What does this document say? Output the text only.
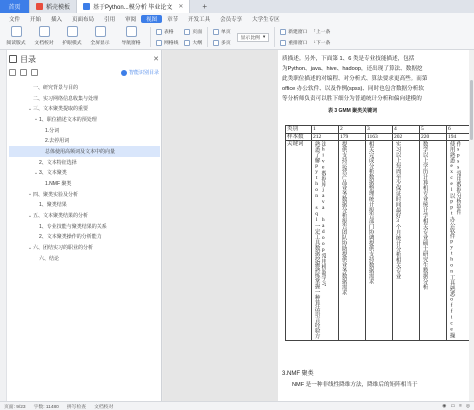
首页	稻壳模板	基于Python...模分析 毕业论文 ✕	+
文件	开始	插入	页面布局	引用	审阅	视图	章节	开发工具	会员专享	大学生专区
阅读版式 文档校对 护眼模式 全屏显示 导航窗格
表格
网格线
页面
大纲
单页
多页
显示比例 ▾
新建窗口
重排窗口
↑ 上一条
↓ 下一条
目录	✕
智能识别目录
一、研究背景与目的
二、实习网络信息收集与处理
⌄ 三、文本聚类提取的重要
⌄ 1、职位描述文本的预处理
1.分词
2.去停用词
总体使用高频词及文本中的向量
2、文本特征选择
⌄ 3、文本聚类
1.NMF 聚类
⌄ 四、聚类实验及分析
1、聚类结果
⌄ 五、文本聚类结果的分析
1、专业技能与聚类结果的关系
2、文本聚类操作的分析能力
⌄ 六、团结实习的职业的分析
六、结论
质描述。另外，下面第 1、6 类是专业技能描述，包括
为Python、java、hive、hadoop，还出现了算法、数据挖
此类职位描述的对编程、对分析式、算法要求更高些。而第
office 办公软件、以及作例(spss)、同时也包含数据分析软
等分析师负责可以胜下细分为普通统计分析和偏向建模的
表 3 GMM 聚类关键词
类别	1	2	3	4	5	6
样本数	212	179	1163	202	220	194
关键词	熟悉了解python sql一定工具数据挖掘熟练掌握一种算法语言经验方法hive数据库java hadoop常用机器学习	提供支持运营产品业务数据分析报告团队协助提供业务数据需求	相关完成分析数据整理统计报告部门协调提供支持数据需求	实习以上每周至少保证时间最好3个月统计分析相关专业	数学以上学历计算机专业统计学相关专业硕士研究生数据分析	使用熟悉excel以ppt办公软件python工具熟悉office操作spss常用数据分析软件
3.NMF 聚类
NMF 是一种非线性降维方法，降维后的矩阵相当于
页面: 9/23 字数: 11480 拼写检查 文档校对	◉ ▭ ≡ ◎
